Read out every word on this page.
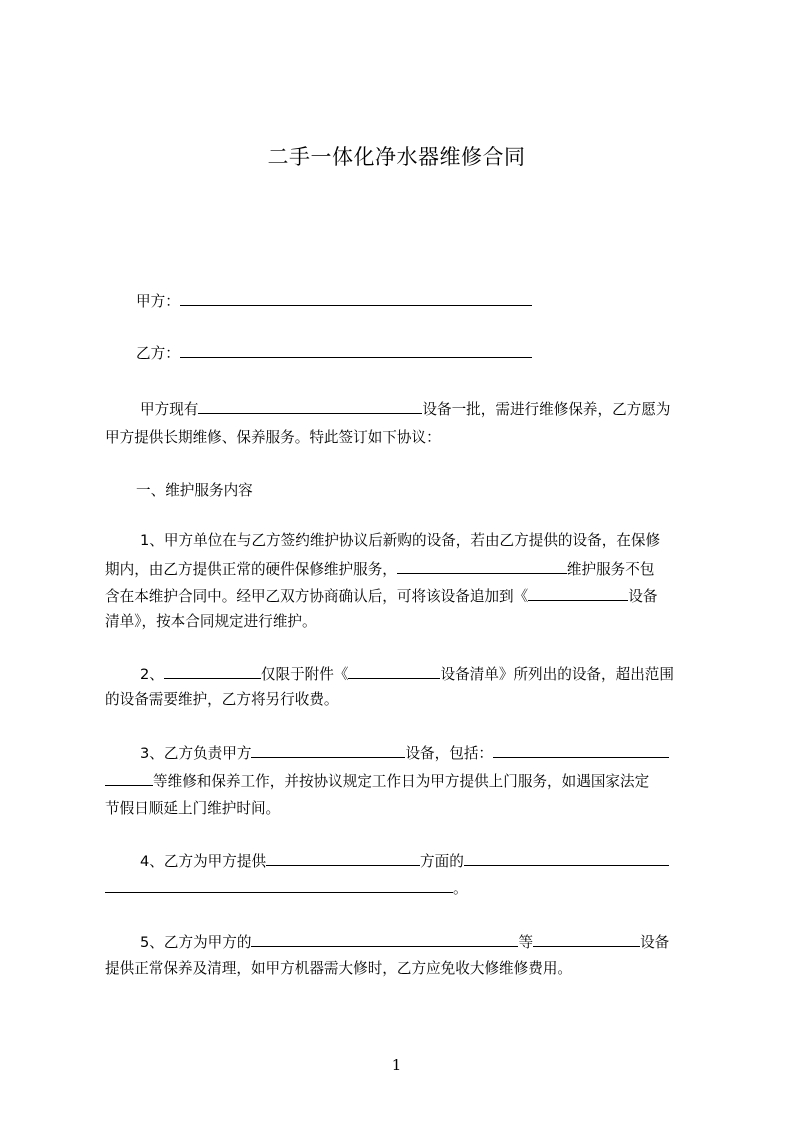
二手一体化净水器维修合同
甲方：
乙方：
甲方现有	设备一批，需进行维修保养，乙方愿为
甲方提供长期维修、保养服务。特此签订如下协议：
一、维护服务内容
1、甲方单位在与乙方签约维护协议后新购的设备，若由乙方提供的设备，在保修
期内，由乙方提供正常的硬件保修维护服务，	维护服务不包
含在本维护合同中。经甲乙双方协商确认后，可将该设备追加到《	设备
清单》，按本合同规定进行维护。
2、	仅限于附件《	设备清单》所列出的设备，超出范围
的设备需要维护，乙方将另行收费。
3、乙方负责甲方	设备，包括：
等维修和保养工作，并按协议规定工作日为甲方提供上门服务，如遇国家法定
节假日顺延上门维护时间。
4、乙方为甲方提供	方面的
。
5、乙方为甲方的	等	设备
提供正常保养及清理，如甲方机器需大修时，乙方应免收大修维修费用。
1
